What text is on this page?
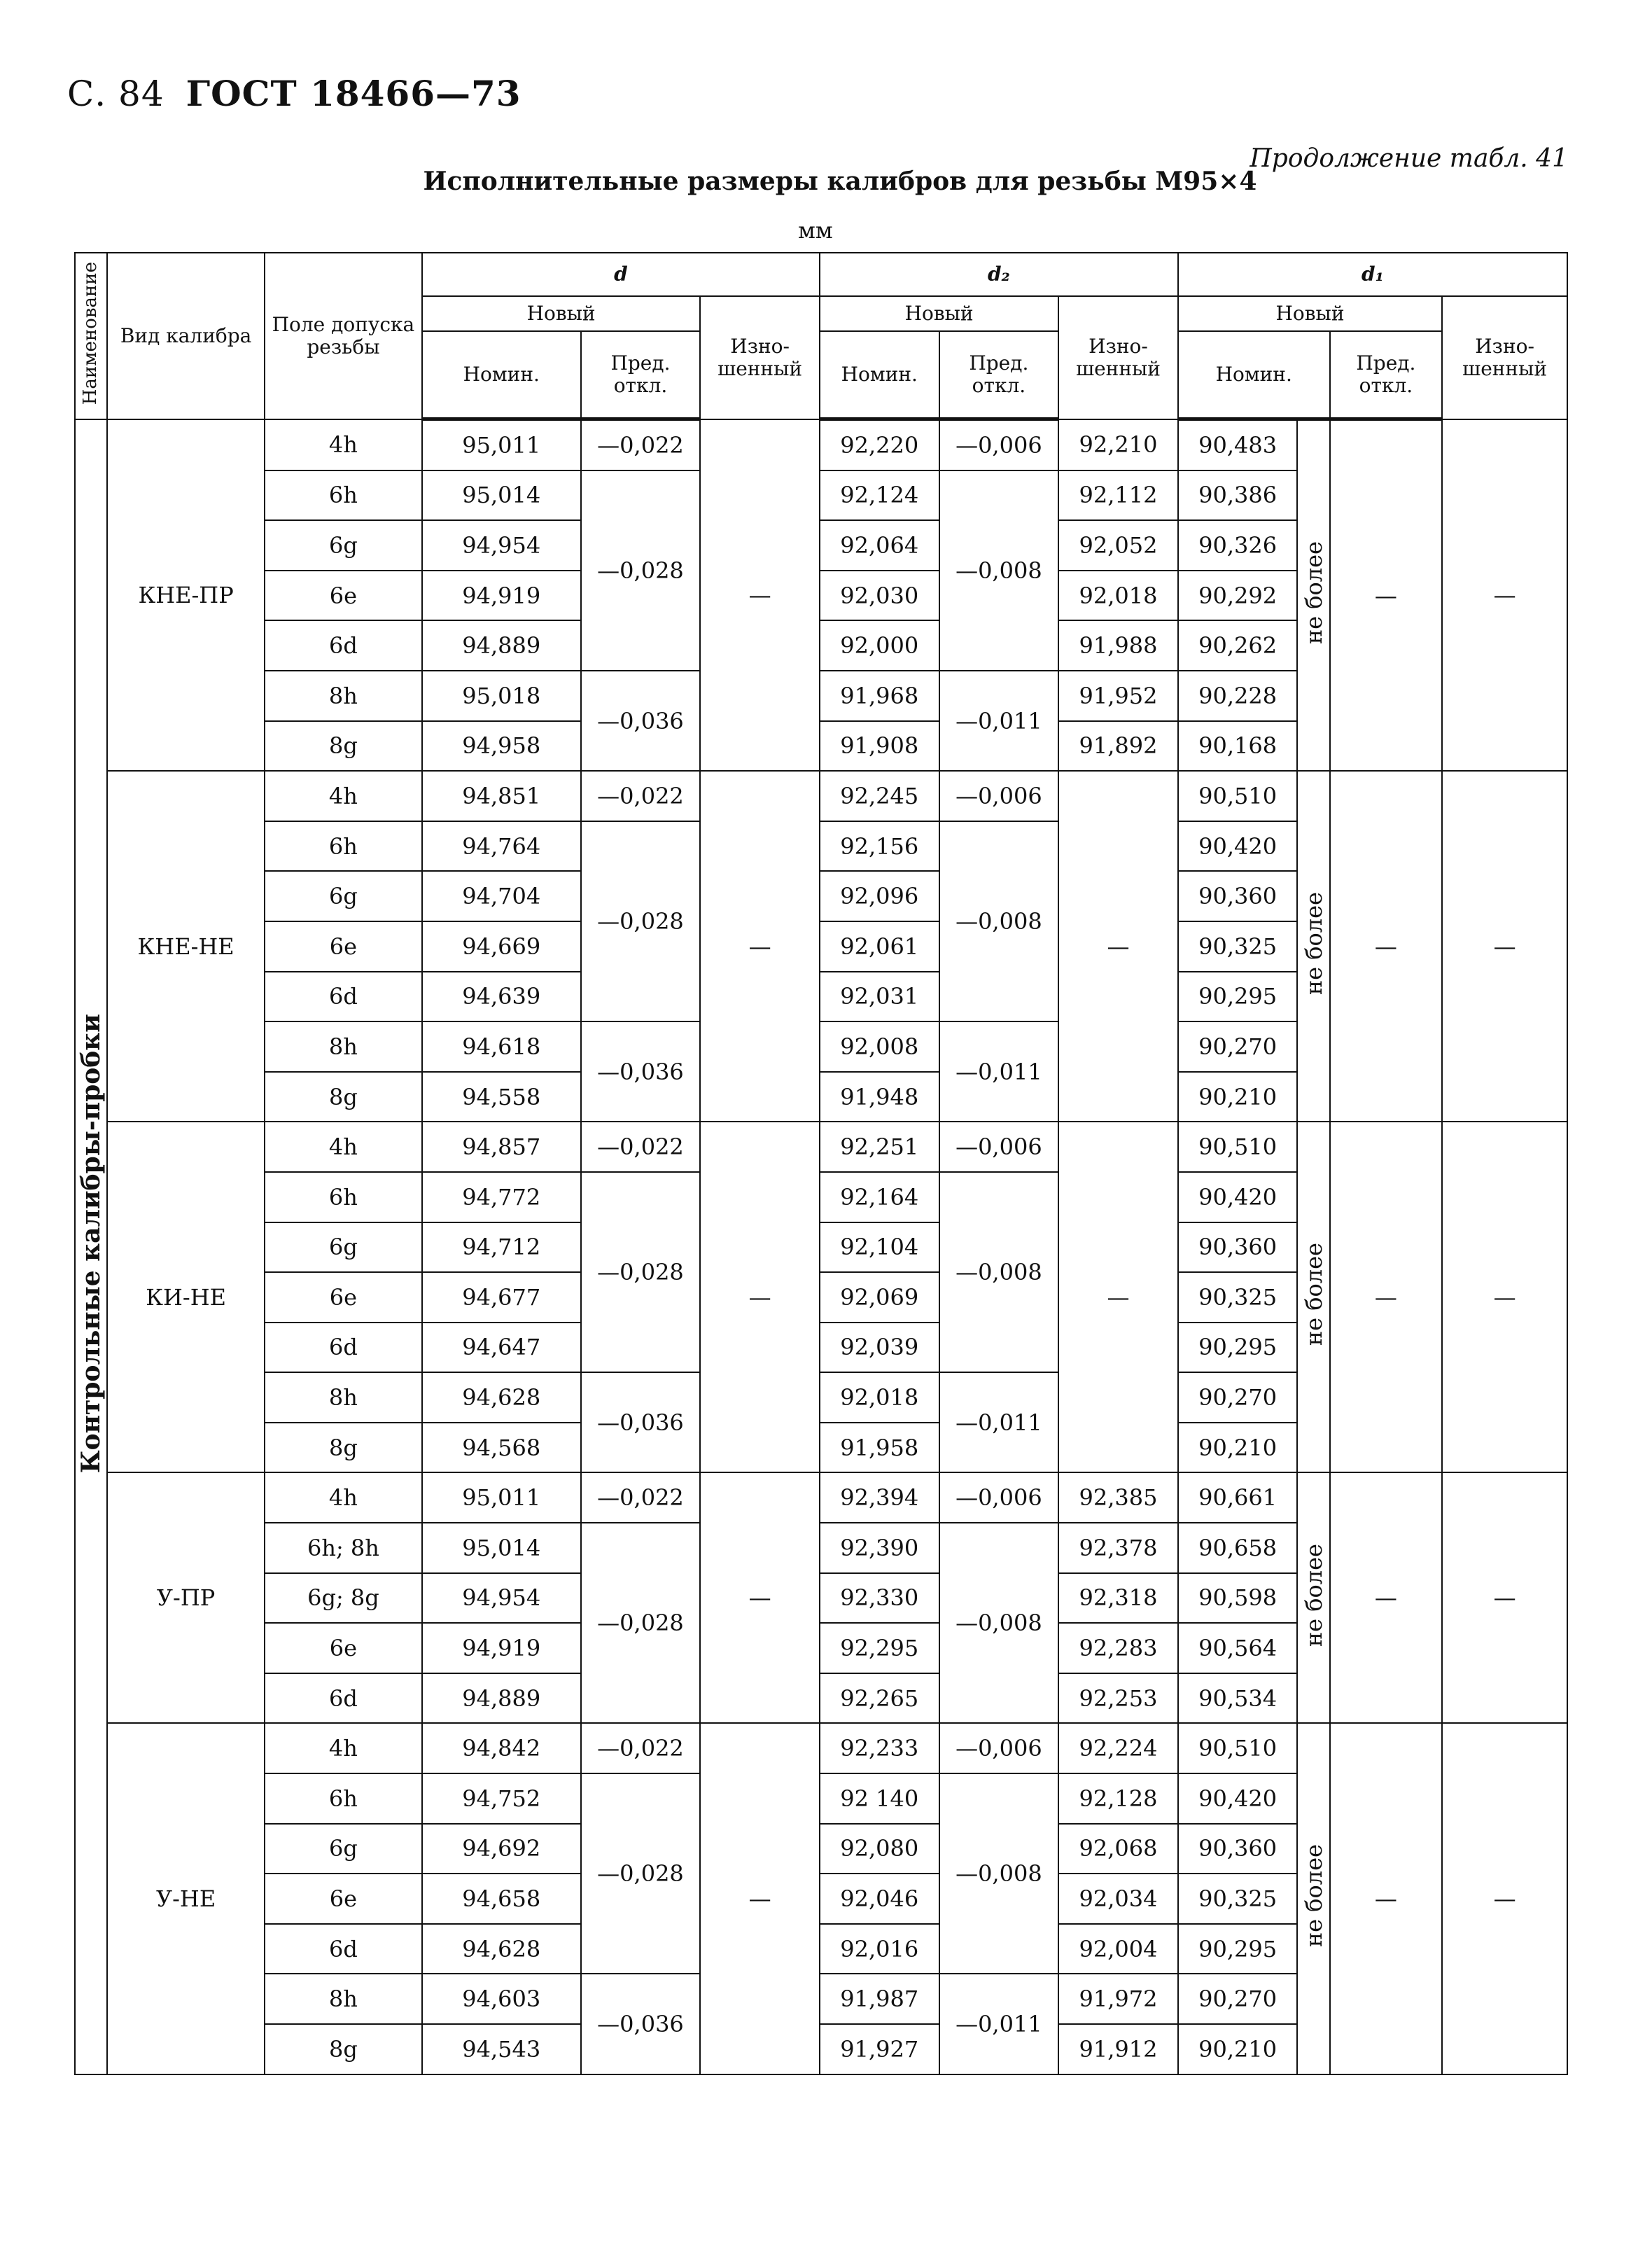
С. 84 ГОСТ 18466—73
Продолжение табл. 41
Исполнительные размеры калибров для резьбы М95×4
мм
Наименование	Вид калибра	Поле допуска резьбы	d			d₂			d₁			
			Новый		Изно-шенный	Новый		Изно-шенный	Новый			Изно-шенный
			Номин.	Пред. откл.		Номин.	Пред. откл.		Номин.		Пред. откл.	
Контрольные калибры-пробки	КНЕ-ПР	4h	95,011	—0,022	—	92,220	—0,006	92,210	90,483	не более	—	—
		6h	95,014	—0,028		92,124	—0,008	92,112	90,386			
		6g	94,954			92,064		92,052	90,326			
		6e	94,919			92,030		92,018	90,292			
		6d	94,889			92,000		91,988	90,262			
		8h	95,018	—0,036		91,968	—0,011	91,952	90,228			
		8g	94,958			91,908		91,892	90,168			
	КНЕ-НЕ	4h	94,851	—0,022	—	92,245	—0,006	—	90,510	не более	—	—
		6h	94,764	—0,028		92,156	—0,008		90,420			
		6g	94,704			92,096			90,360			
		6e	94,669			92,061			90,325			
		6d	94,639			92,031			90,295			
		8h	94,618	—0,036		92,008	—0,011		90,270			
		8g	94,558			91,948			90,210			
	КИ-НЕ	4h	94,857	—0,022	—	92,251	—0,006	—	90,510	не более	—	—
		6h	94,772	—0,028		92,164	—0,008		90,420			
		6g	94,712			92,104			90,360			
		6e	94,677			92,069			90,325			
		6d	94,647			92,039			90,295			
		8h	94,628	—0,036		92,018	—0,011		90,270			
		8g	94,568			91,958			90,210			
	У-ПР	4h	95,011	—0,022	—	92,394	—0,006	92,385	90,661	не более	—	—
		6h; 8h	95,014	—0,028		92,390	—0,008	92,378	90,658			
		6g; 8g	94,954			92,330		92,318	90,598			
		6e	94,919			92,295		92,283	90,564			
		6d	94,889			92,265		92,253	90,534			
	У-НЕ	4h	94,842	—0,022	—	92,233	—0,006	92,224	90,510	не более	—	—
		6h	94,752	—0,028		92 140	—0,008	92,128	90,420			
		6g	94,692			92,080		92,068	90,360			
		6e	94,658			92,046		92,034	90,325			
		6d	94,628			92,016		92,004	90,295			
		8h	94,603	—0,036		91,987	—0,011	91,972	90,270			
		8g	94,543			91,927		91,912	90,210			
